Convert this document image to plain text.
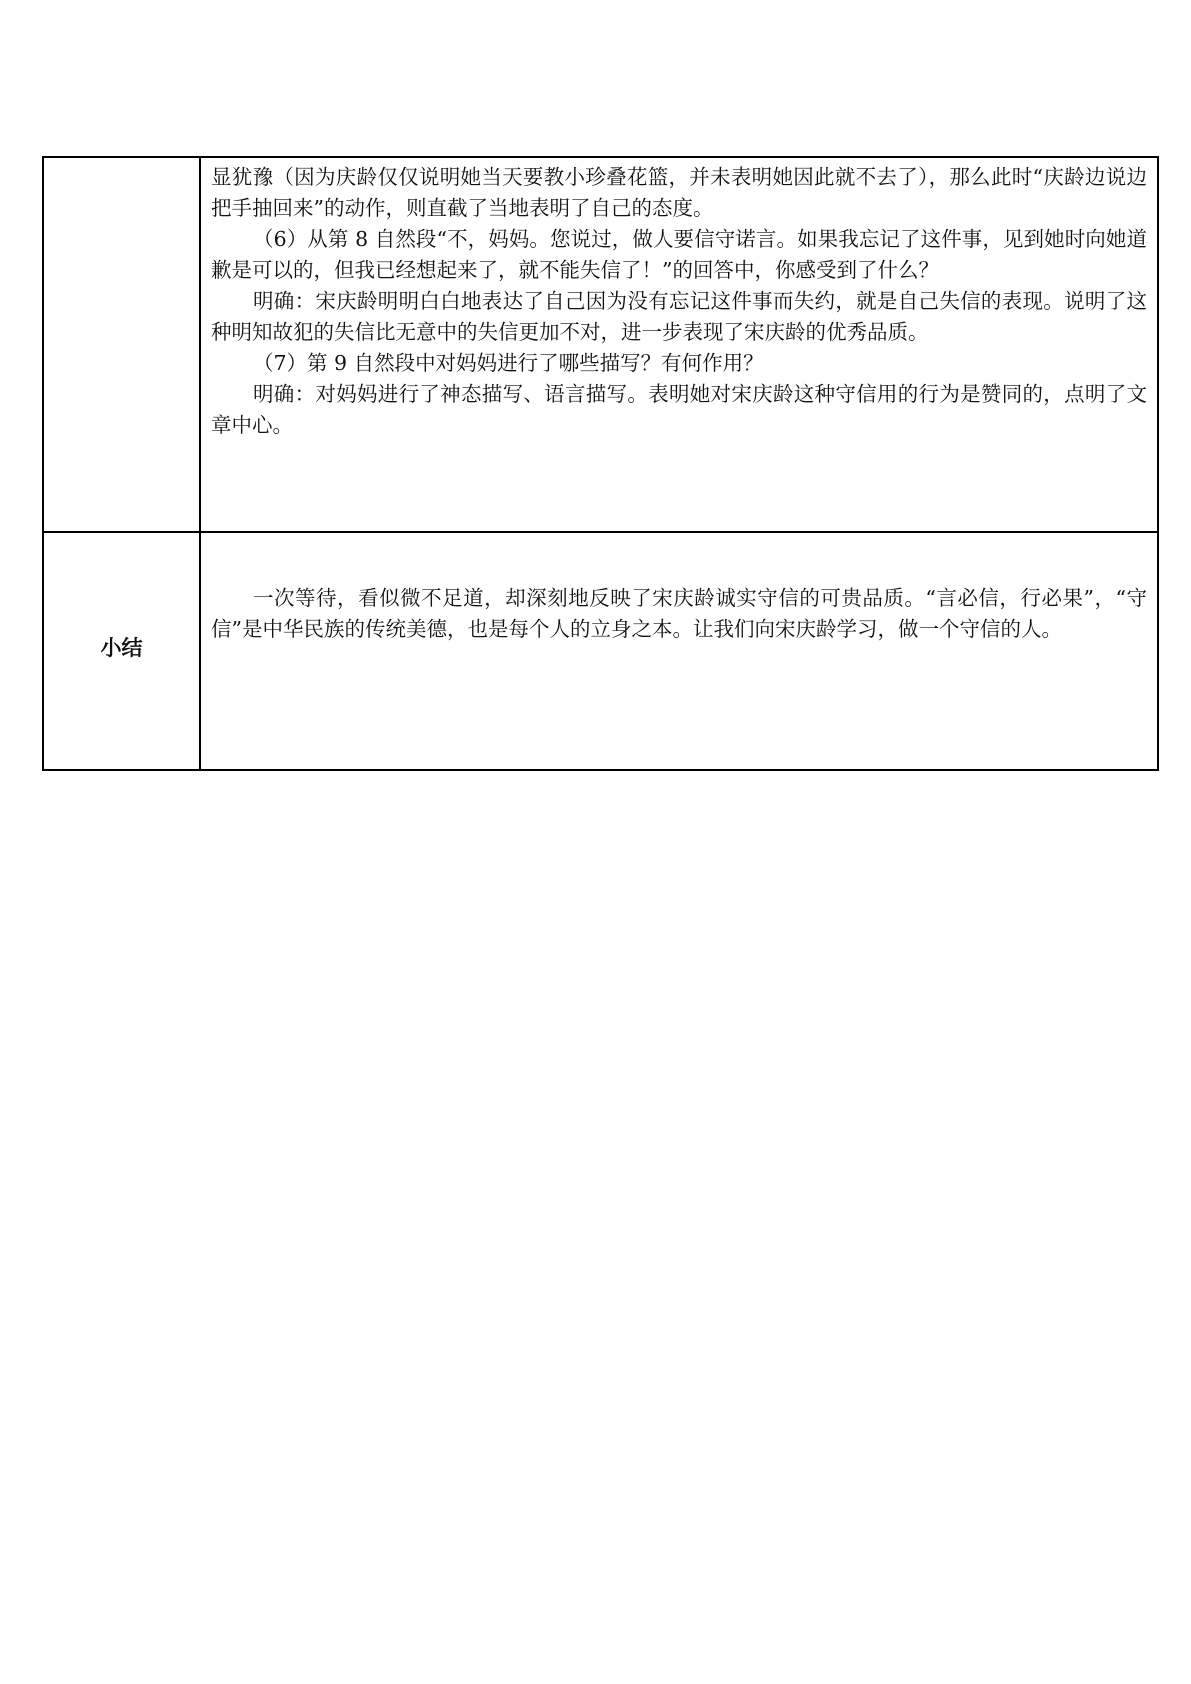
	显犹豫（因为庆龄仅仅说明她当天要教小珍叠花篮，并未表明她因此就不去了），那么此时“庆龄边说边把手抽回来”的动作，则直截了当地表明了自己的态度。

（6）从第 8 自然段“不，妈妈。您说过，做人要信守诺言。如果我忘记了这件事，见到她时向她道歉是可以的，但我已经想起来了，就不能失信了！”的回答中，你感受到了什么？

明确：宋庆龄明明白白地表达了自己因为没有忘记这件事而失约，就是自己失信的表现。说明了这种明知故犯的失信比无意中的失信更加不对，进一步表现了宋庆龄的优秀品质。

（7）第 9 自然段中对妈妈进行了哪些描写？有何作用？

明确：对妈妈进行了神态描写、语言描写。表明她对宋庆龄这种守信用的行为是赞同的，点明了文章中心。

小结	一次等待，看似微不足道，却深刻地反映了宋庆龄诚实守信的可贵品质。“言必信，行必果”，“守信”是中华民族的传统美德，也是每个人的立身之本。让我们向宋庆龄学习，做一个守信的人。
